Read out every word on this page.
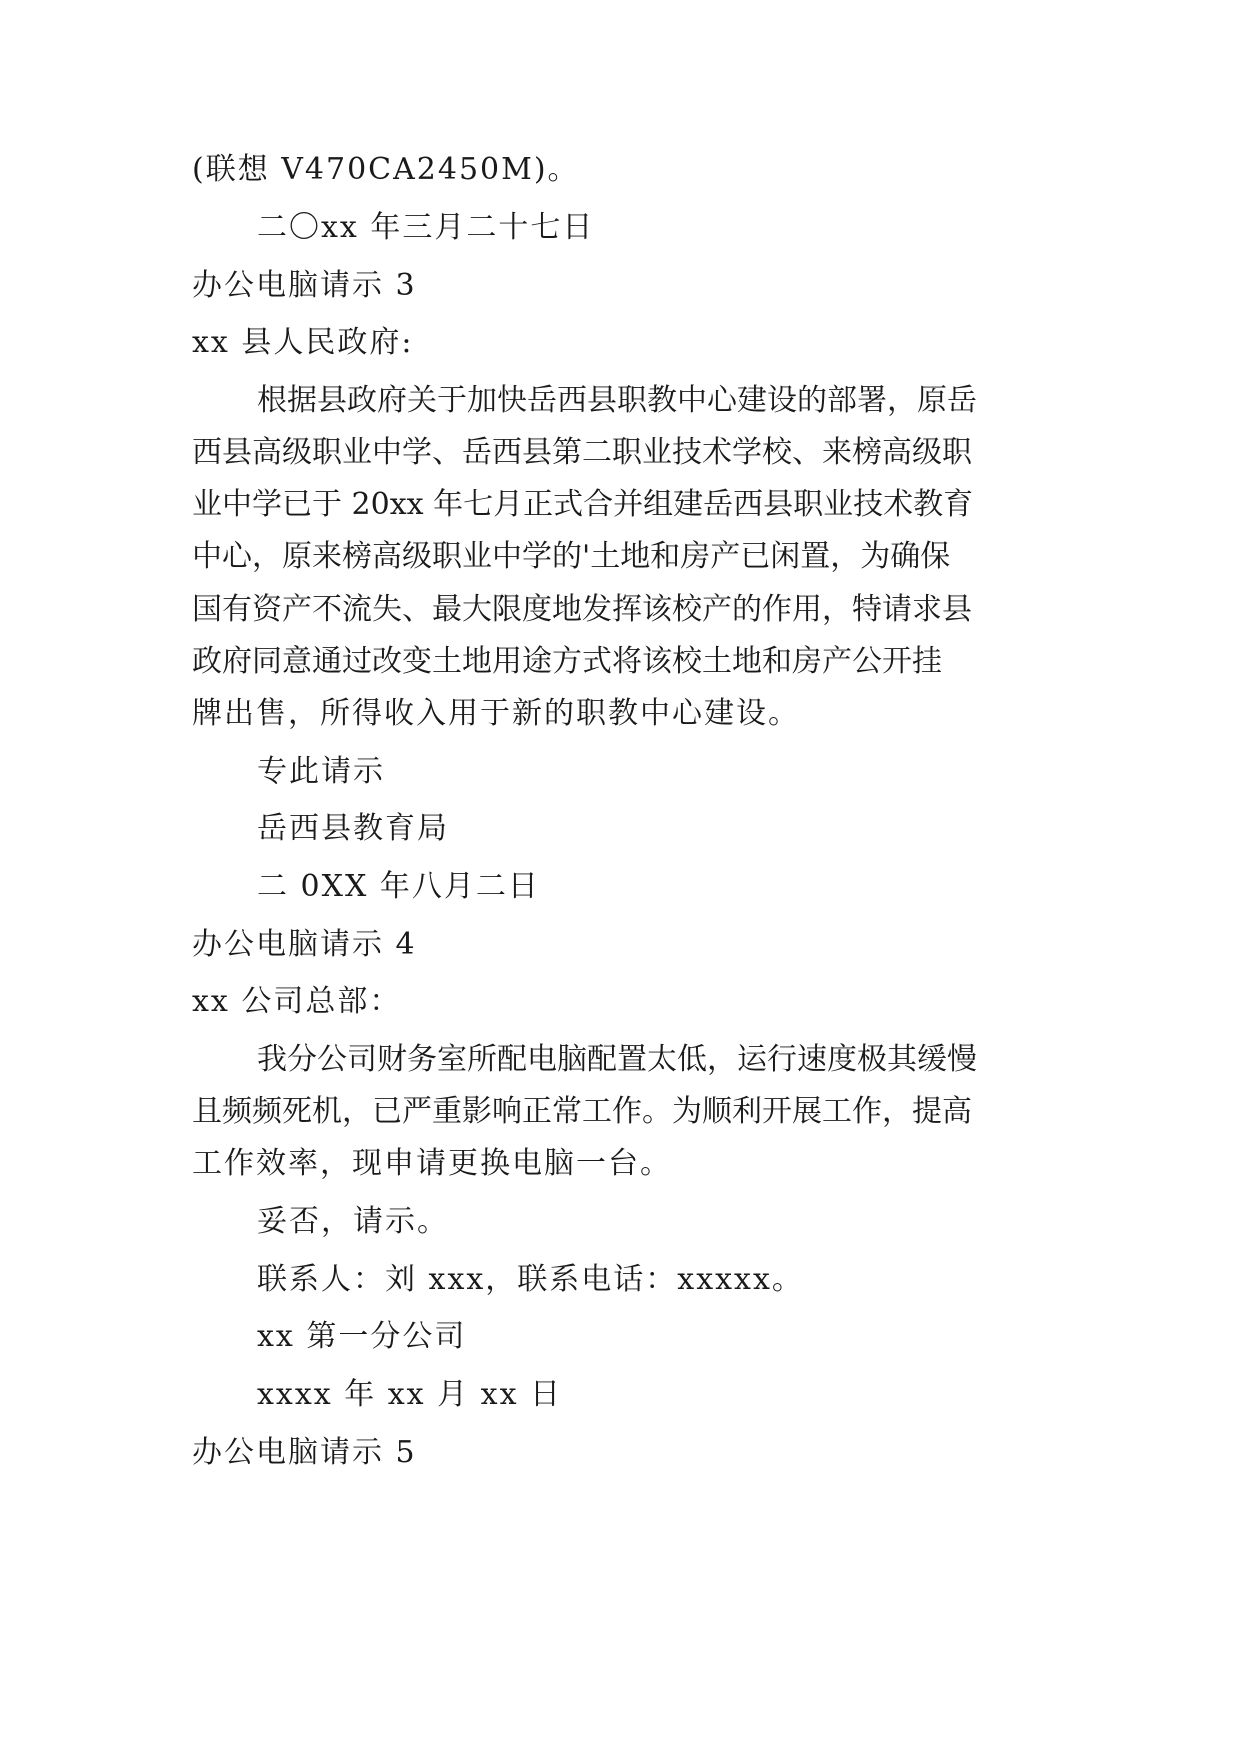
(联想 V470CA2450M)。
二〇xx 年三月二十七日
办公电脑请示 3
xx 县人民政府:
根据县政府关于加快岳西县职教中心建设的部署，原岳
西县高级职业中学、岳西县第二职业技术学校、来榜高级职
业中学已于 20xx 年七月正式合并组建岳西县职业技术教育
中心，原来榜高级职业中学的'土地和房产已闲置，为确保
国有资产不流失、最大限度地发挥该校产的作用，特请求县
政府同意通过改变土地用途方式将该校土地和房产公开挂
牌出售，所得收入用于新的职教中心建设。
专此请示
岳西县教育局
二 0XX 年八月二日
办公电脑请示 4
xx 公司总部：
我分公司财务室所配电脑配置太低，运行速度极其缓慢
且频频死机，已严重影响正常工作。为顺利开展工作，提高
工作效率，现申请更换电脑一台。
妥否，请示。
联系人：刘 xxx，联系电话：xxxxx。
xx 第一分公司
xxxx 年 xx 月 xx 日
办公电脑请示 5
